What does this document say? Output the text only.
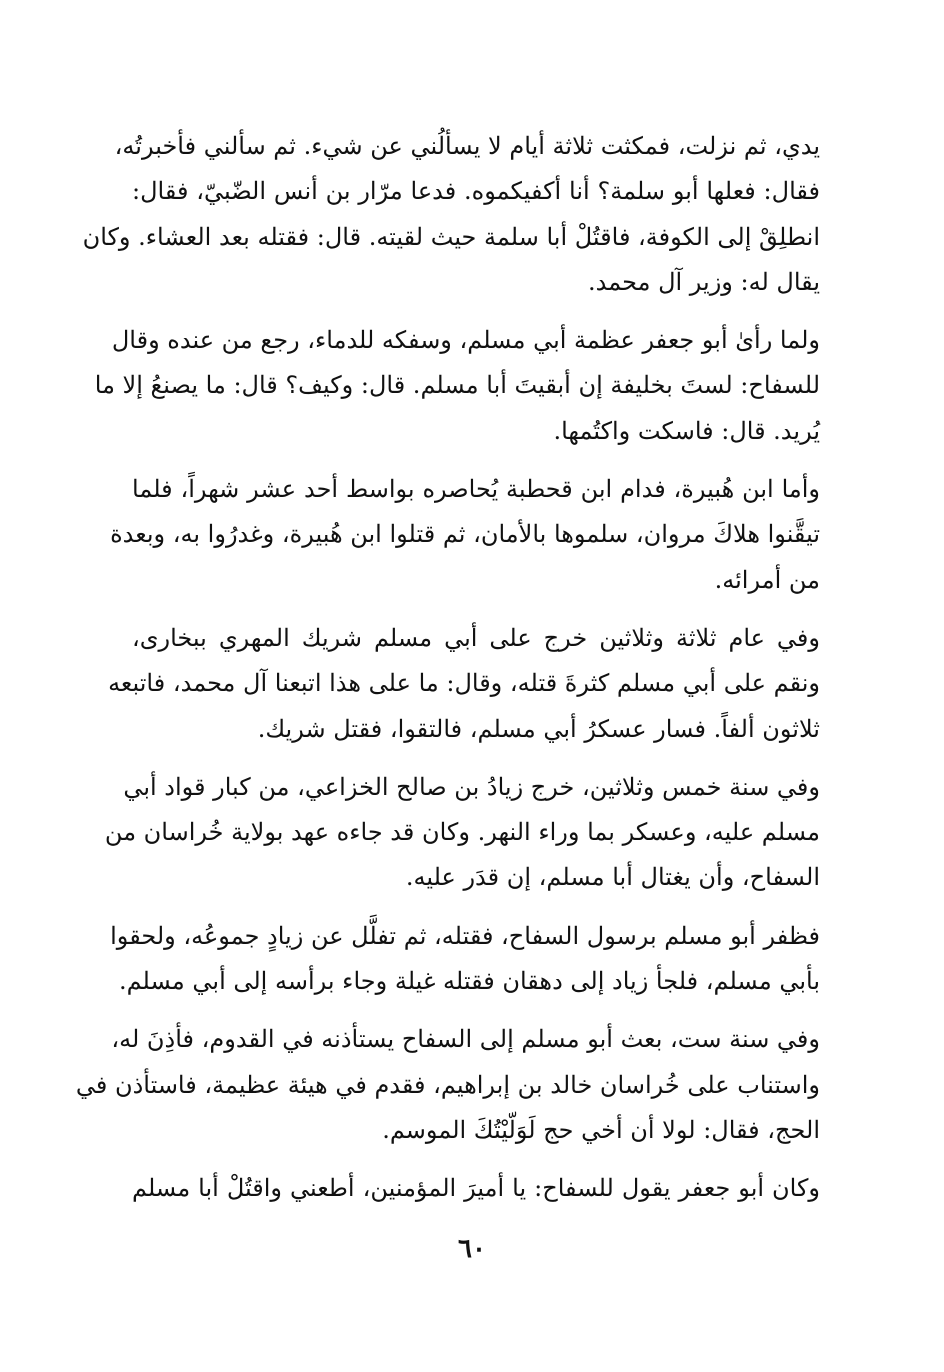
يدي، ثم نزلت، فمكثت ثلاثة أيام لا يسألُني عن شيء. ثم سألني فأخبرتُه،
فقال: فعلها أبو سلمة؟ أنا أكفيكموه. فدعا مرّار بن أنس الضّبيّ، فقال:
انطلِقْ إلى الكوفة، فاقتُلْ أبا سلمة حيث لقيته. قال: فقتله بعد العشاء. وكان
يقال له: وزير آل محمد.
ولما رأىٰ أبو جعفر عظمة أبي مسلم، وسفكه للدماء، رجع من عنده وقال
للسفاح: لستَ بخليفة إن أبقيتَ أبا مسلم. قال: وكيف؟ قال: ما يصنعُ إلا ما
يُريد. قال: فاسكت واكتُمها.
وأما ابن هُبيرة، فدام ابن قحطبة يُحاصره بواسط أحد عشر شهراً، فلما
تيقَّنوا هلاكَ مروان، سلموها بالأمان، ثم قتلوا ابن هُبيرة، وغدرُوا به، وبعدة
من أمرائه.
وفي عام ثلاثة وثلاثين خرج على أبي مسلم شريك المهري ببخارى،
ونقم على أبي مسلم كثرةَ قتله، وقال: ما على هذا اتبعنا آل محمد، فاتبعه
ثلاثون ألفاً. فسار عسكرُ أبي مسلم، فالتقوا، فقتل شريك.
وفي سنة خمس وثلاثين، خرج زيادُ بن صالح الخزاعي، من كبار قواد أبي
مسلم عليه، وعسكر بما وراء النهر. وكان قد جاءه عهد بولاية خُراسان من
السفاح، وأن يغتال أبا مسلم، إن قدَر عليه.
فظفر أبو مسلم برسول السفاح، فقتله، ثم تفلَّل عن زيادٍ جموعُه، ولحقوا
بأبي مسلم، فلجأ زياد إلى دهقان فقتله غيلة وجاء برأسه إلى أبي مسلم.
وفي سنة ست، بعث أبو مسلم إلى السفاح يستأذنه في القدوم، فأذِنَ له،
واستناب على خُراسان خالد بن إبراهيم، فقدم في هيئة عظيمة، فاستأذن في
الحج، فقال: لولا أن أخي حج لَوَلّيْتُكَ الموسم.
وكان أبو جعفر يقول للسفاح: يا أميرَ المؤمنين، أطعني واقتُلْ أبا مسلم
٦٠
